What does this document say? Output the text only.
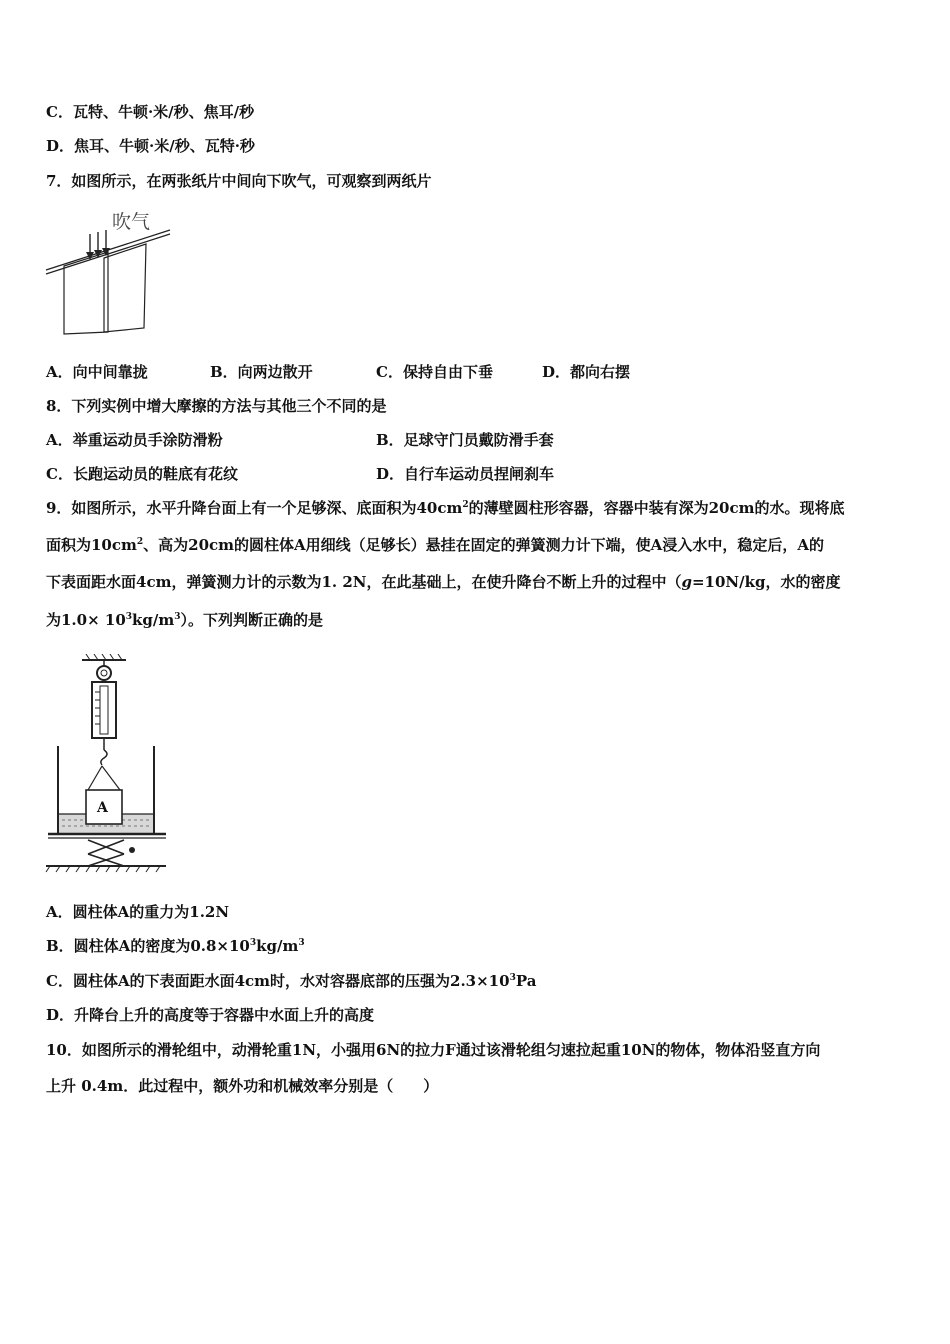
C．瓦特、牛顿·米/秒、焦耳/秒
D．焦耳、牛顿·米/秒、瓦特·秒
7．如图所示，在两张纸片中间向下吹气，可观察到两纸片
吹气
A．向中间靠拢	B．向两边散开	C．保持自由下垂	D．都向右摆
8．下列实例中增大摩擦的方法与其他三个不同的是
A．举重运动员手涂防滑粉	B．足球守门员戴防滑手套
C．长跑运动员的鞋底有花纹	D．自行车运动员捏闸刹车
9．如图所示，水平升降台面上有一个足够深、底面积为$40cm^2$的薄壁圆柱形容器，容器中装有深为20cm的水。现将底
面积为$10cm^2$、高为20cm的圆柱体A用细线（足够长）悬挂在固定的弹簧测力计下端，使A浸入水中，稳定后，A的
下表面距水面4cm，弹簧测力计的示数为1. 2N，在此基础上，在使升降台不断上升的过程中（g=10N/kg，水的密度
为$1.0\times 10^3kg/m^3$）。下列判断正确的是
A
A．圆柱体A的重力为1.2N
B．圆柱体A的密度为$0.8\times 10^3kg/m^3$
C．圆柱体A的下表面距水面4cm时，水对容器底部的压强为$2.3\times 10^3Pa$
D．升降台上升的高度等于容器中水面上升的高度
10．如图所示的滑轮组中，动滑轮重1N，小强用6N的拉力F通过该滑轮组匀速拉起重10N的物体，物体沿竖直方向
上升 0.4m．此过程中，额外功和机械效率分别是（　　）
